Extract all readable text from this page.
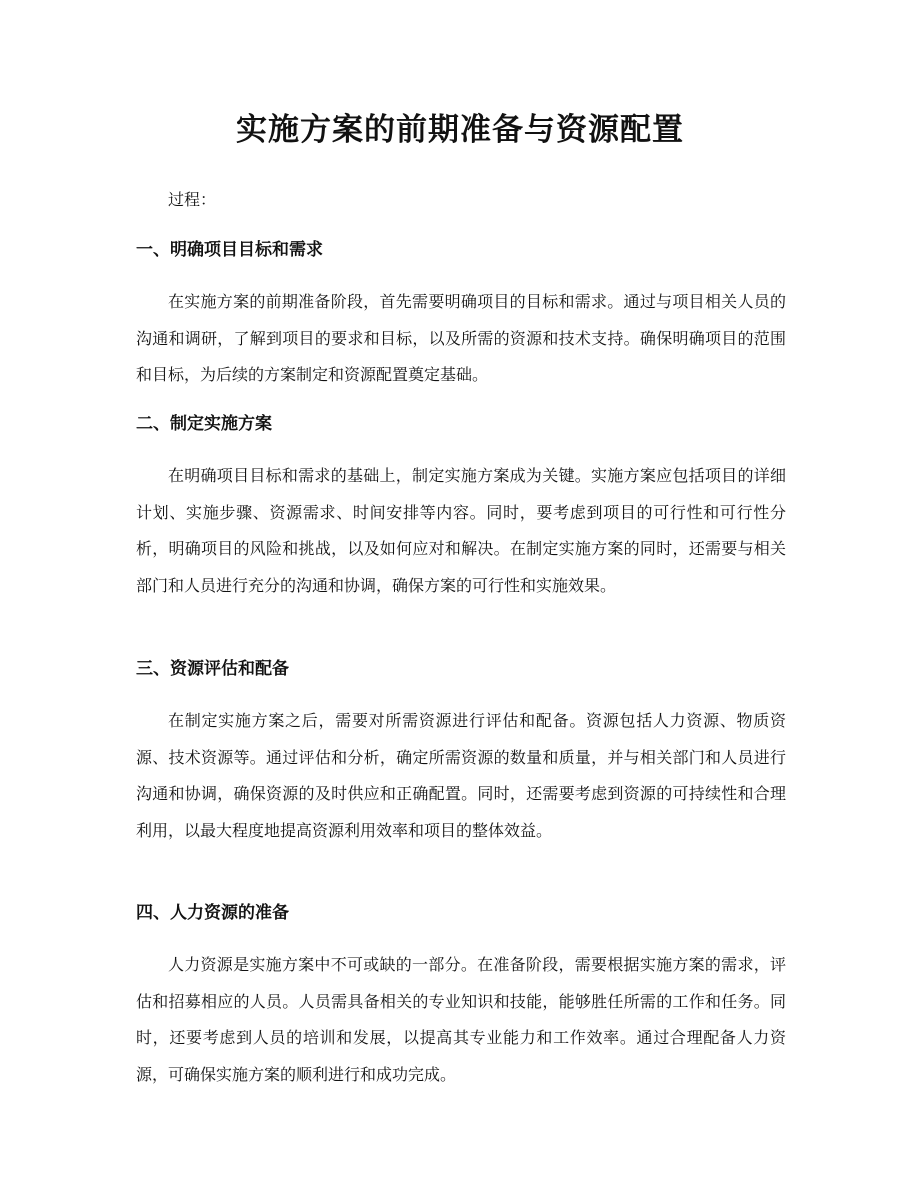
实施方案的前期准备与资源配置

过程：

一、明确项目目标和需求

在实施方案的前期准备阶段，首先需要明确项目的目标和需求。通过与项目相关人员的沟通和调研，了解到项目的要求和目标，以及所需的资源和技术支持。确保明确项目的范围和目标，为后续的方案制定和资源配置奠定基础。

二、制定实施方案

在明确项目目标和需求的基础上，制定实施方案成为关键。实施方案应包括项目的详细计划、实施步骤、资源需求、时间安排等内容。同时，要考虑到项目的可行性和可行性分析，明确项目的风险和挑战，以及如何应对和解决。在制定实施方案的同时，还需要与相关部门和人员进行充分的沟通和协调，确保方案的可行性和实施效果。

三、资源评估和配备

在制定实施方案之后，需要对所需资源进行评估和配备。资源包括人力资源、物质资源、技术资源等。通过评估和分析，确定所需资源的数量和质量，并与相关部门和人员进行沟通和协调，确保资源的及时供应和正确配置。同时，还需要考虑到资源的可持续性和合理利用，以最大程度地提高资源利用效率和项目的整体效益。

四、人力资源的准备

人力资源是实施方案中不可或缺的一部分。在准备阶段，需要根据实施方案的需求，评估和招募相应的人员。人员需具备相关的专业知识和技能，能够胜任所需的工作和任务。同时，还要考虑到人员的培训和发展，以提高其专业能力和工作效率。通过合理配备人力资源，可确保实施方案的顺利进行和成功完成。
